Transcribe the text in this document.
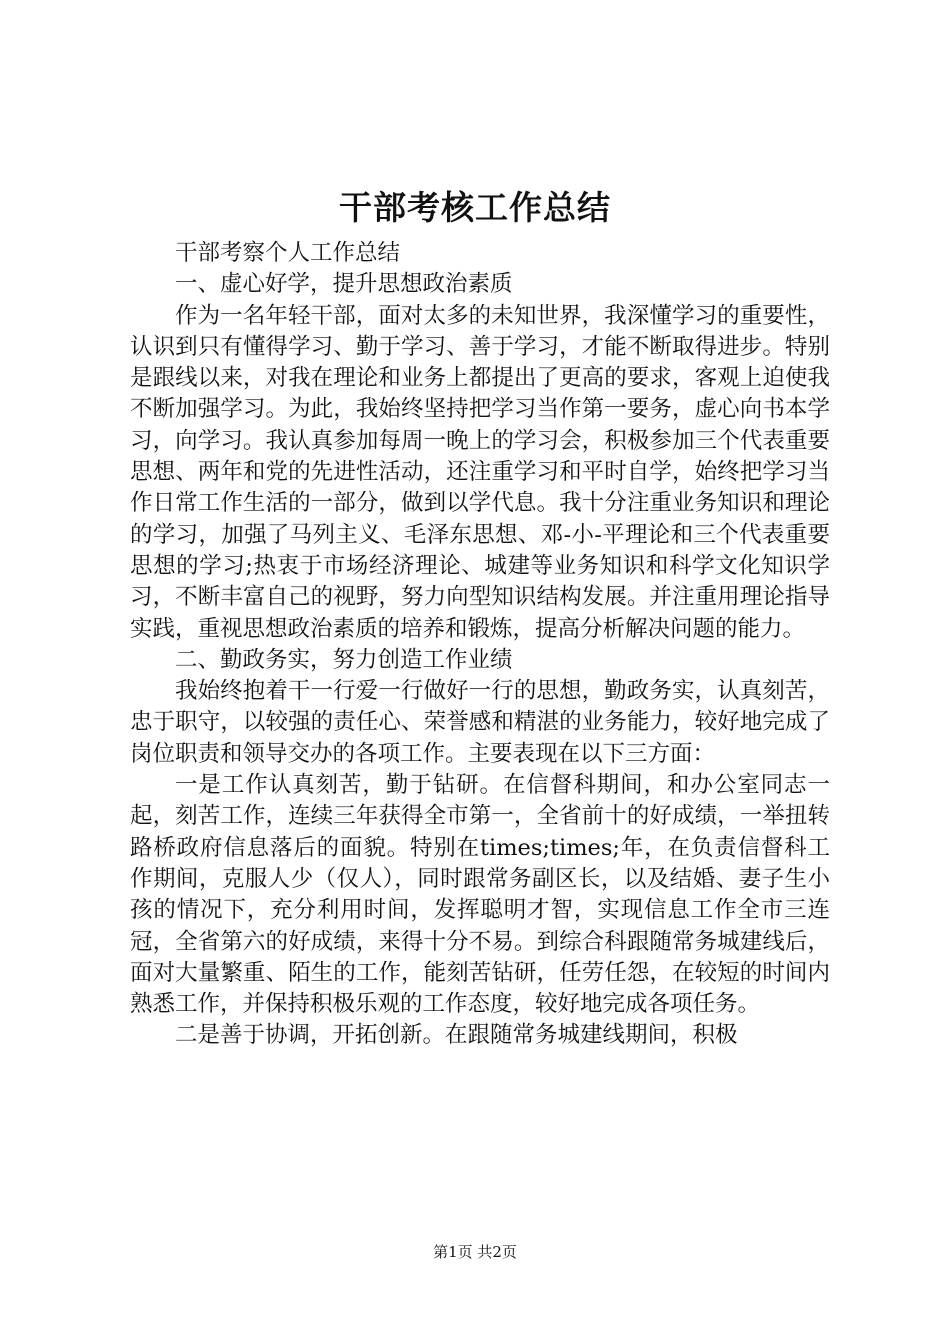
干部考核工作总结

干部考察个人工作总结

一、虚心好学，提升思想政治素质

作为一名年轻干部，面对太多的未知世界，我深懂学习的重要性，认识到只有懂得学习、勤于学习、善于学习，才能不断取得进步。特别是跟线以来，对我在理论和业务上都提出了更高的要求，客观上迫使我不断加强学习。为此，我始终坚持把学习当作第一要务，虚心向书本学习，向学习。我认真参加每周一晚上的学习会，积极参加三个代表重要思想、两年和党的先进性活动，还注重学习和平时自学，始终把学习当作日常工作生活的一部分，做到以学代息。我十分注重业务知识和理论的学习，加强了马列主义、毛泽东思想、邓-小-平理论和三个代表重要思想的学习;热衷于市场经济理论、城建等业务知识和科学文化知识学习，不断丰富自己的视野，努力向型知识结构发展。并注重用理论指导实践，重视思想政治素质的培养和锻炼，提高分析解决问题的能力。

二、勤政务实，努力创造工作业绩

我始终抱着干一行爱一行做好一行的思想，勤政务实，认真刻苦，忠于职守，以较强的责任心、荣誉感和精湛的业务能力，较好地完成了岗位职责和领导交办的各项工作。主要表现在以下三方面：

一是工作认真刻苦，勤于钻研。在信督科期间，和办公室同志一起，刻苦工作，连续三年获得全市第一，全省前十的好成绩，一举扭转路桥政府信息落后的面貌。特别在times;times;年，在负责信督科工作期间，克服人少（仅人），同时跟常务副区长，以及结婚、妻子生小孩的情况下，充分利用时间，发挥聪明才智，实现信息工作全市三连冠，全省第六的好成绩，来得十分不易。到综合科跟随常务城建线后，面对大量繁重、陌生的工作，能刻苦钻研，任劳任怨，在较短的时间内熟悉工作，并保持积极乐观的工作态度，较好地完成各项任务。

二是善于协调，开拓创新。在跟随常务城建线期间，积极

第1页 共2页
